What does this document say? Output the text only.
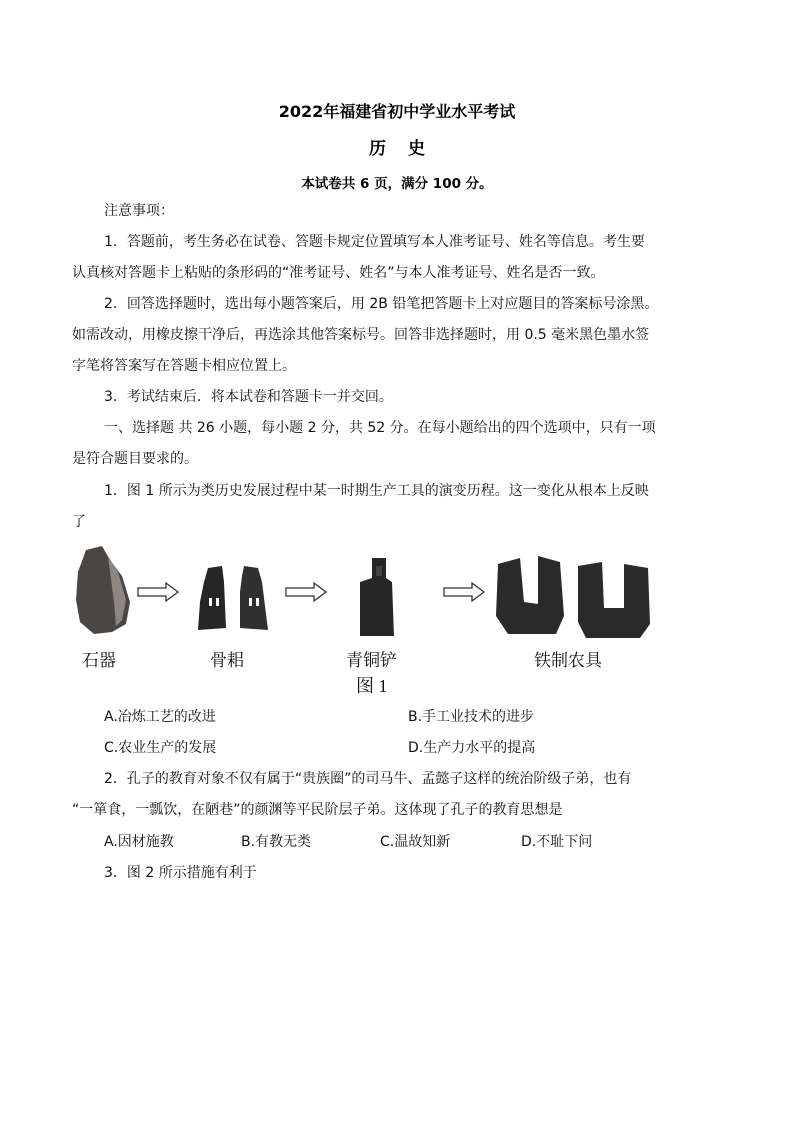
2022年福建省初中学业水平考试
历 史
本试卷共 6 页，满分 100 分。
注意事项：
1．答题前，考生务必在试卷、答题卡规定位置填写本人准考证号、姓名等信息。考生要
认真核对答题卡上粘贴的条形码的“准考证号、姓名”与本人准考证号、姓名是否一致。
2．回答选择题时，选出每小题答案后，用 2B 铅笔把答题卡上对应题目的答案标号涂黑。
如需改动，用橡皮擦干净后，再选涂其他答案标号。回答非选择题时，用 0.5 毫米黑色墨水签
字笔将答案写在答题卡相应位置上。
3．考试结束后．将本试卷和答题卡一并交回。
一、选择题 共 26 小题，每小题 2 分，共 52 分。在每小题给出的四个选项中，只有一项
是符合题目要求的。
1．图 1 所示为类历史发展过程中某一时期生产工具的演变历程。这一变化从根本上反映
了
石器	骨耜	青铜铲	铁制农具
图 1
A.冶炼工艺的改进	B.手工业技术的进步
C.农业生产的发展	D.生产力水平的提高
2．孔子的教育对象不仅有属于“贵族圈”的司马牛、孟懿子这样的统治阶级子弟，也有
“一箪食，一瓢饮，在陋巷”的颜渊等平民阶层子弟。这体现了孔子的教育思想是
A.因材施教	B.有教无类	C.温故知新	D.不耻下问
3．图 2 所示措施有利于
